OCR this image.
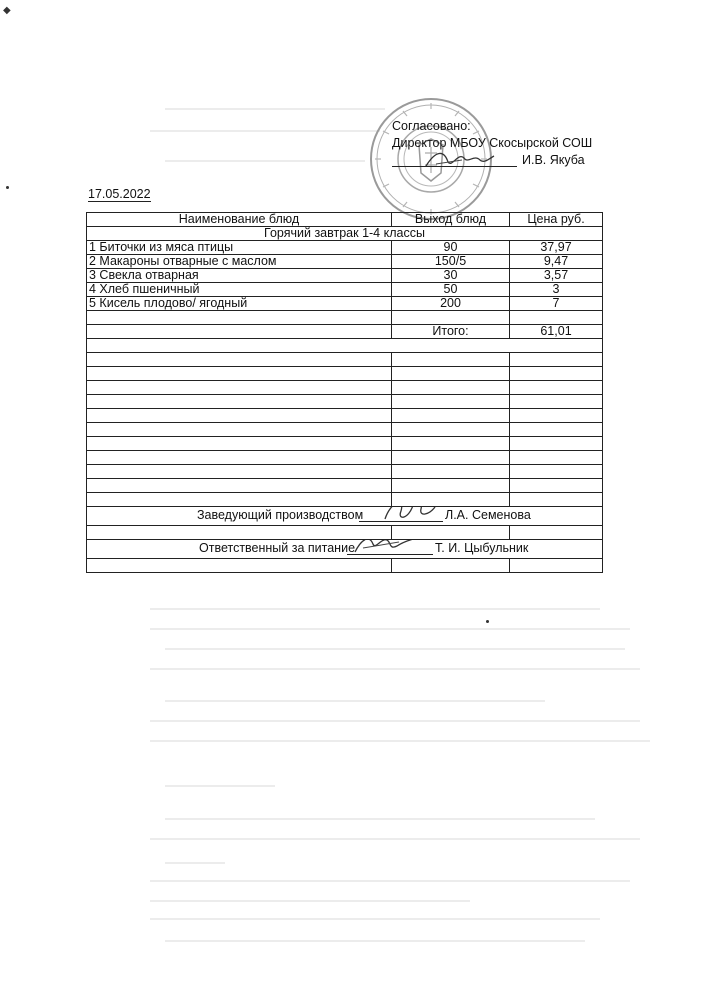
◆
Согласовано:
Директор МБОУ Скосырской СОШ
И.В. Якуба
17.05.2022
Наименование блюд	Выход блюд	Цена руб.
Горячий завтрак 1-4 классы		
1 Биточки из мяса птицы	90	37,97
2 Макароны отварные с маслом	150/5	9,47
3 Свекла отварная	30	3,57
4 Хлеб пшеничный	50	3
5 Кисель плодово/ ягодный	200	7

	Итого:	61,01

Заведующий производством Л.А. Семенова		

Ответственный за питание Т. И. Цыбульник		
